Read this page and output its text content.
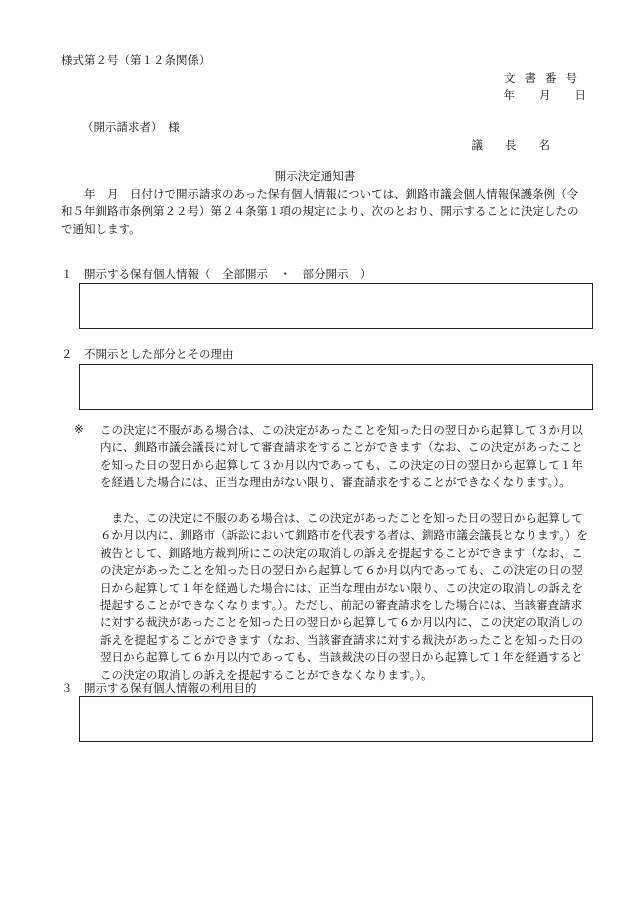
様式第２号（第１２条関係）
文書番号
年 月 日
（開示請求者）　様
議長名
開示決定通知書
年　月　日付けで開示請求のあった保有個人情報については、釧路市議会個人情報保護条例（令和５年釧路市条例第２２号）第２４条第１項の規定により、次のとおり、開示することに決定したので通知します。
１　開示する保有個人情報（　全部開示　・　部分開示　）
２　不開示とした部分とその理由
※ この決定に不服がある場合は、この決定があったことを知った日の翌日から起算して３か月以内に、釧路市議会議長に対して審査請求をすることができます（なお、この決定があったことを知った日の翌日から起算して３か月以内であっても、この決定の日の翌日から起算して１年を経過した場合には、正当な理由がない限り、審査請求をすることができなくなります。）。
また、この決定に不服のある場合は、この決定があったことを知った日の翌日から起算して６か月以内に、釧路市（訴訟において釧路市を代表する者は、釧路市議会議長となります。）を被告として、釧路地方裁判所にこの決定の取消しの訴えを提起することができます（なお、この決定があったことを知った日の翌日から起算して６か月以内であっても、この決定の日の翌日から起算して１年を経過した場合には、正当な理由がない限り、この決定の取消しの訴えを提起することができなくなります。）。ただし、前記の審査請求をした場合には、当該審査請求に対する裁決があったことを知った日の翌日から起算して６か月以内に、この決定の取消しの訴えを提起することができます（なお、当該審査請求に対する裁決があったことを知った日の翌日から起算して６か月以内であっても、当該裁決の日の翌日から起算して１年を経過するとこの決定の取消しの訴えを提起することができなくなります。）。
３　開示する保有個人情報の利用目的
